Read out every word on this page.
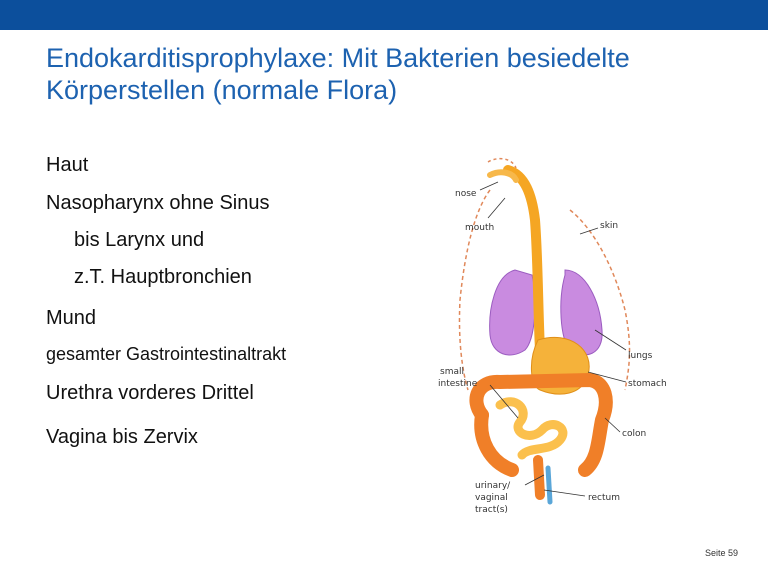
Endokarditisprophylaxe: Mit Bakterien besiedelte Körperstellen (normale Flora)
Haut
Nasopharynx ohne Sinus
bis Larynx und
z.T. Hauptbronchien
Mund
gesamter Gastrointestinaltrakt
Urethra vorderes Drittel
Vagina bis Zervix
nose
mouth	skin
lungs
small
intestine	stomach
colon
urinary/
vaginal
tract(s)
rectum
Seite 59
